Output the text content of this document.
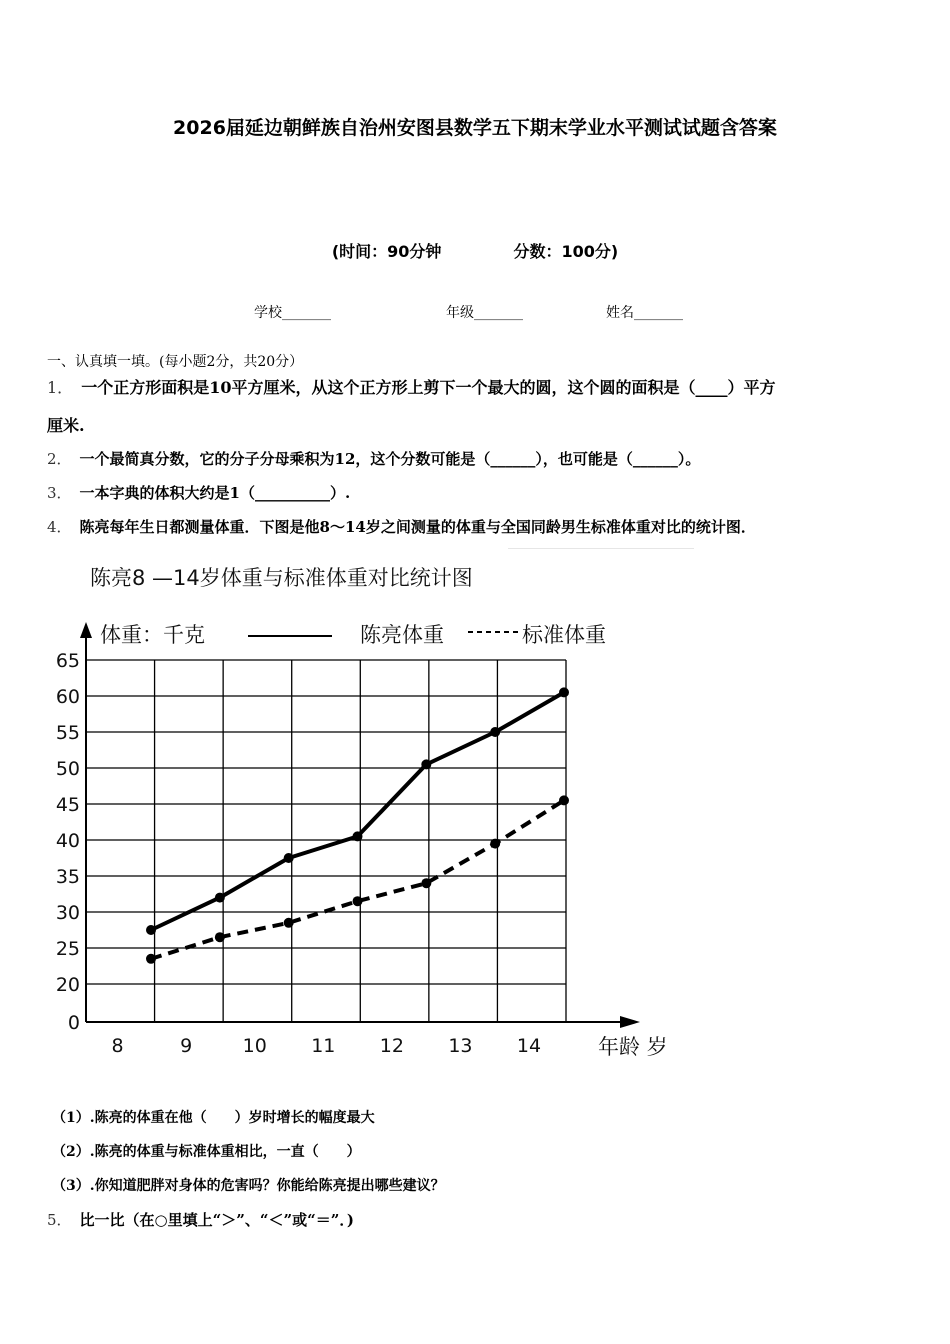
2026届延边朝鲜族自治州安图县数学五下期末学业水平测试试题含答案
(时间：90分钟	分数：100分)
学校_______	年级_______	姓名_______
一、认真填一填。(每小题2分，共20分）
1． 一个正方形面积是10平方厘米，从这个正方形上剪下一个最大的圆，这个圆的面积是（____）平方
厘米.
2． 一个最简真分数，它的分子分母乘积为12，这个分数可能是（______），也可能是（______）。
3． 一本字典的体积大约是1（__________）.
4． 陈亮每年生日都测量体重．下图是他8～14岁之间测量的体重与全国同龄男生标准体重对比的统计图．
陈亮8 —14岁体重与标准体重对比统计图
体重：千克	陈亮体重	标准体重
65
60
55
50
45
40
35
30
25
20
0
8	9	10 11 12 13 14	年龄 岁
（1）.陈亮的体重在他（　　）岁时增长的幅度最大
（2）.陈亮的体重与标准体重相比，一直（　　）
（3）.你知道肥胖对身体的危害吗？你能给陈亮提出哪些建议？
5． 比一比（在○里填上“＞”、“＜”或“＝”．)
